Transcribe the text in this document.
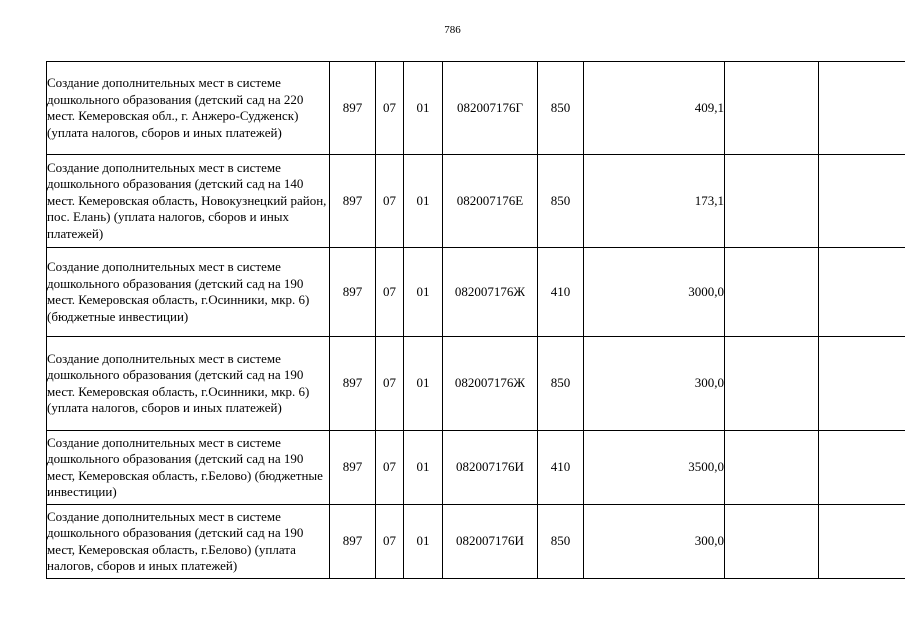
786
Создание дополнительных мест в системе дошкольного образования (детский сад на 220 мест. Кемеровская обл., г. Анжеро-Судженск) (уплата налогов, сборов и иных платежей)	897	07	01	082007176Г	850	409,1		

Создание дополнительных мест в системе дошкольного образования (детский сад на 140 мест. Кемеровская область, Новокузнецкий район, пос. Елань) (уплата налогов, сборов и иных платежей)	897	07	01	082007176Е	850	173,1		

Создание дополнительных мест в системе дошкольного образования (детский сад на 190 мест. Кемеровская область, г.Осинники, мкр. 6) (бюджетные инвестиции)	897	07	01	082007176Ж	410	3000,0		

Создание дополнительных мест в системе дошкольного образования (детский сад на 190 мест. Кемеровская область, г.Осинники, мкр. 6) (уплата налогов, сборов и иных платежей)	897	07	01	082007176Ж	850	300,0		

Создание дополнительных мест в системе дошкольного образования (детский сад на 190 мест, Кемеровская область, г.Белово) (бюджетные инвестиции)	897	07	01	082007176И	410	3500,0		

Создание дополнительных мест в системе дошкольного образования (детский сад на 190 мест, Кемеровская область, г.Белово) (уплата налогов, сборов и иных платежей)	897	07	01	082007176И	850	300,0		
